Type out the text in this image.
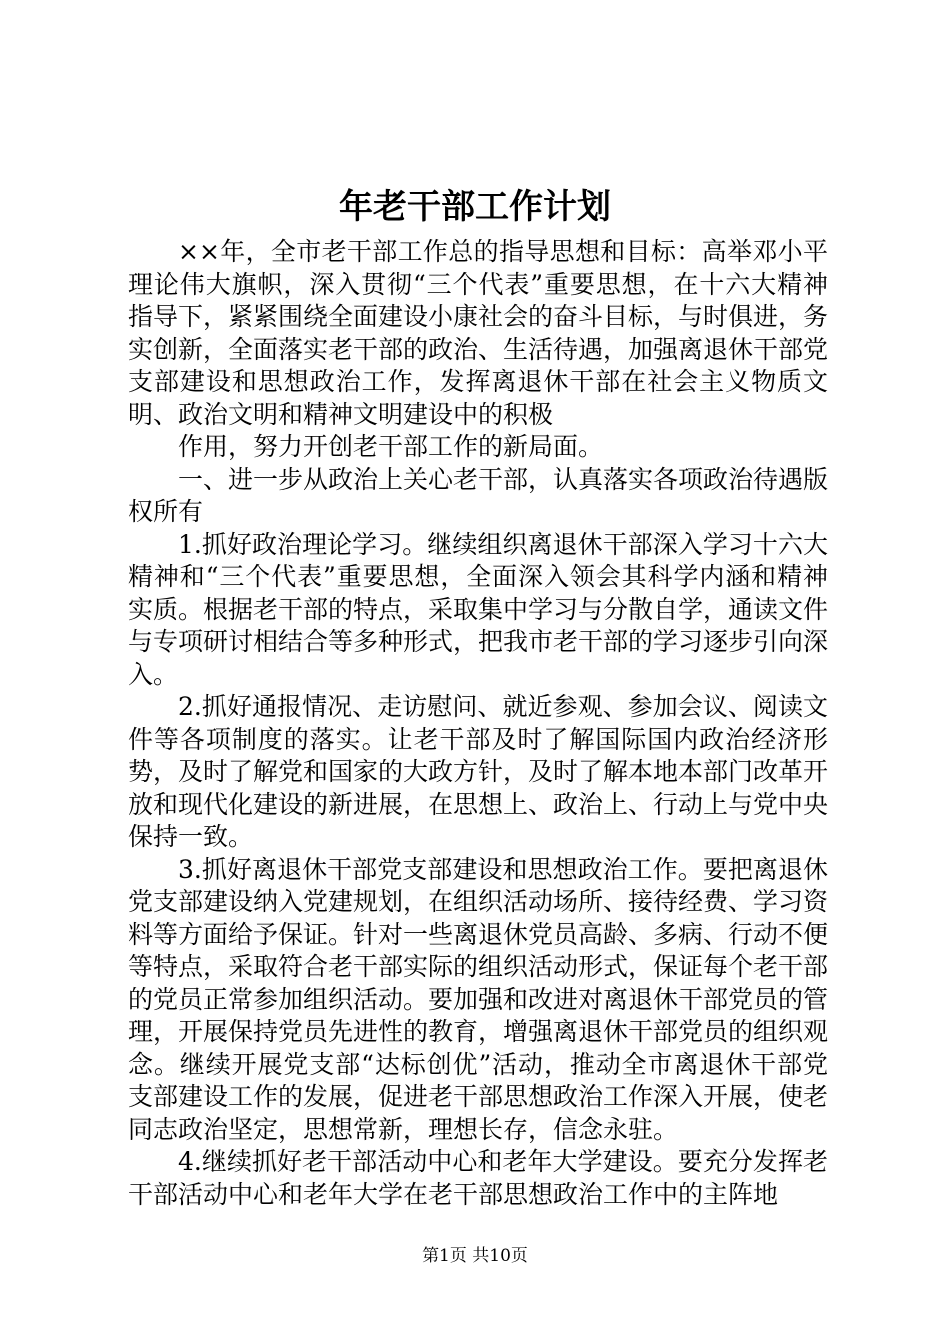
年老干部工作计划

××年，全市老干部工作总的指导思想和目标：高举邓小平理论伟大旗帜，深入贯彻“三个代表”重要思想，在十六大精神指导下，紧紧围绕全面建设小康社会的奋斗目标，与时俱进，务实创新，全面落实老干部的政治、生活待遇，加强离退休干部党支部建设和思想政治工作，发挥离退休干部在社会主义物质文明、政治文明和精神文明建设中的积极

作用，努力开创老干部工作的新局面。

一、进一步从政治上关心老干部，认真落实各项政治待遇版权所有

1.抓好政治理论学习。继续组织离退休干部深入学习十六大精神和“三个代表”重要思想，全面深入领会其科学内涵和精神实质。根据老干部的特点，采取集中学习与分散自学，通读文件与专项研讨相结合等多种形式，把我市老干部的学习逐步引向深入。

2.抓好通报情况、走访慰问、就近参观、参加会议、阅读文件等各项制度的落实。让老干部及时了解国际国内政治经济形势，及时了解党和国家的大政方针，及时了解本地本部门改革开放和现代化建设的新进展，在思想上、政治上、行动上与党中央保持一致。

3.抓好离退休干部党支部建设和思想政治工作。要把离退休党支部建设纳入党建规划，在组织活动场所、接待经费、学习资料等方面给予保证。针对一些离退休党员高龄、多病、行动不便等特点，采取符合老干部实际的组织活动形式，保证每个老干部的党员正常参加组织活动。要加强和改进对离退休干部党员的管理，开展保持党员先进性的教育，增强离退休干部党员的组织观念。继续开展党支部“达标创优”活动，推动全市离退休干部党支部建设工作的发展，促进老干部思想政治工作深入开展，使老同志政治坚定，思想常新，理想长存，信念永驻。

4.继续抓好老干部活动中心和老年大学建设。要充分发挥老干部活动中心和老年大学在老干部思想政治工作中的主阵地

第1页 共10页
